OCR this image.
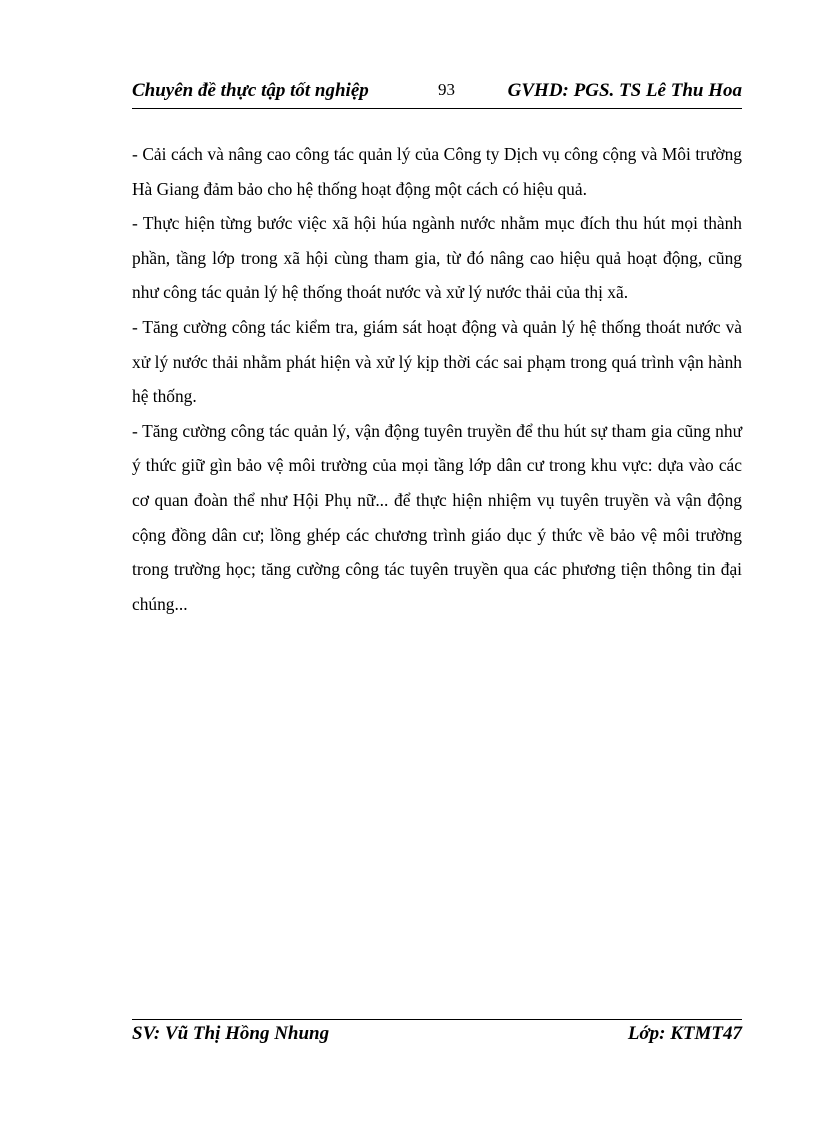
Chuyên đề thực tập tốt nghiệp	93	GVHD: PGS. TS Lê Thu Hoa

- Cải cách và nâng cao công tác quản lý của Công ty Dịch vụ công cộng và Môi trường Hà Giang đảm bảo cho hệ thống hoạt động một cách có hiệu quả.

- Thực hiện từng bước việc xã hội húa ngành nước nhằm mục đích thu hút mọi thành phần, tầng lớp trong xã hội cùng tham gia, từ đó nâng cao hiệu quả hoạt động, cũng như công tác quản lý hệ thống thoát nước và xử lý nước thải của thị xã.

- Tăng cường công tác kiểm tra, giám sát hoạt động và quản lý hệ thống thoát nước và xử lý nước thải nhằm phát hiện và xử lý kịp thời các sai phạm trong quá trình vận hành hệ thống.

- Tăng cường công tác quản lý, vận động tuyên truyền để thu hút sự tham gia cũng như ý thức giữ gìn bảo vệ môi trường của mọi tầng lớp dân cư trong khu vực: dựa vào các cơ quan đoàn thể như Hội Phụ nữ... để thực hiện nhiệm vụ tuyên truyền và vận động cộng đồng dân cư; lồng ghép các chương trình giáo dục ý thức về bảo vệ môi trường trong trường học; tăng cường công tác tuyên truyền qua các phương tiện thông tin đại chúng...

SV: Vũ Thị Hồng Nhung	Lớp: KTMT47
